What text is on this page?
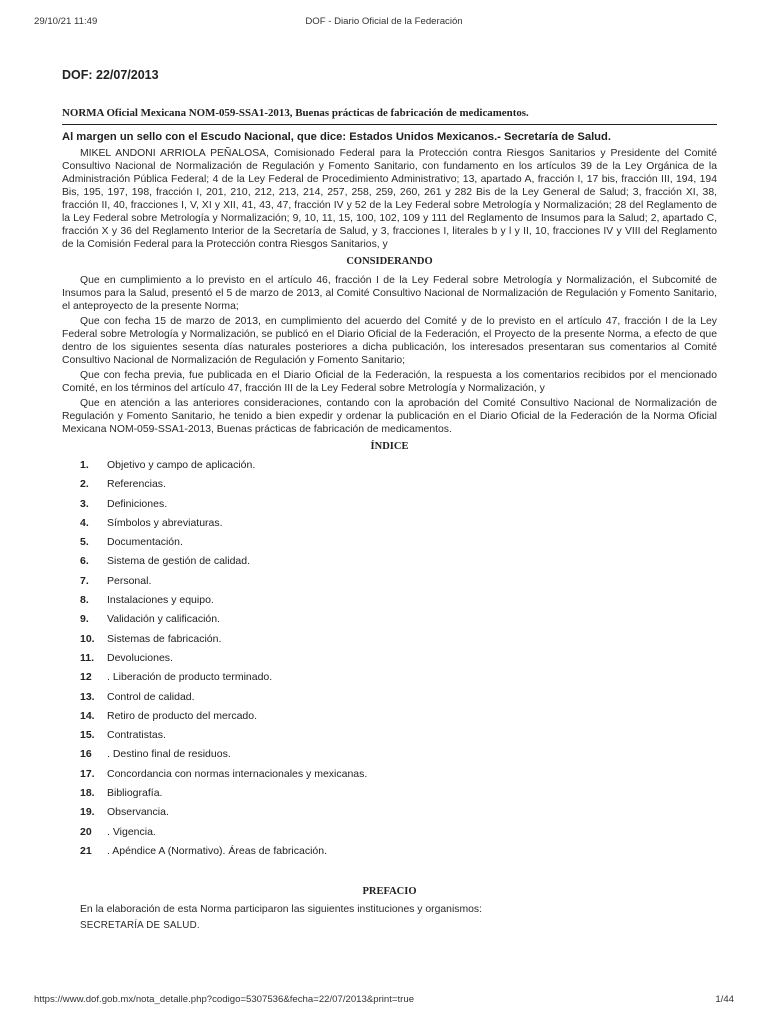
29/10/21 11:49	DOF - Diario Oficial de la Federación
DOF: 22/07/2013
NORMA Oficial Mexicana NOM-059-SSA1-2013, Buenas prácticas de fabricación de medicamentos.
Al margen un sello con el Escudo Nacional, que dice: Estados Unidos Mexicanos.- Secretaría de Salud.

MIKEL ANDONI ARRIOLA PEÑALOSA, Comisionado Federal para la Protección contra Riesgos Sanitarios y Presidente del Comité Consultivo Nacional de Normalización de Regulación y Fomento Sanitario, con fundamento en los artículos 39 de la Ley Orgánica de la Administración Pública Federal; 4 de la Ley Federal de Procedimiento Administrativo; 13, apartado A, fracción I, 17 bis, fracción III, 194, 194 Bis, 195, 197, 198, fracción I, 201, 210, 212, 213, 214, 257, 258, 259, 260, 261 y 282 Bis de la Ley General de Salud; 3, fracción XI, 38, fracción II, 40, fracciones I, V, XI y XII, 41, 43, 47, fracción IV y 52 de la Ley Federal sobre Metrología y Normalización; 28 del Reglamento de la Ley Federal sobre Metrología y Normalización; 9, 10, 11, 15, 100, 102, 109 y 111 del Reglamento de Insumos para la Salud; 2, apartado C, fracción X y 36 del Reglamento Interior de la Secretaría de Salud, y 3, fracciones I, literales b y l y II, 10, fracciones IV y VIII del Reglamento de la Comisión Federal para la Protección contra Riesgos Sanitarios, y

CONSIDERANDO

Que en cumplimiento a lo previsto en el artículo 46, fracción I de la Ley Federal sobre Metrología y Normalización, el Subcomité de Insumos para la Salud, presentó el 5 de marzo de 2013, al Comité Consultivo Nacional de Normalización de Regulación y Fomento Sanitario, el anteproyecto de la presente Norma;

Que con fecha 15 de marzo de 2013, en cumplimiento del acuerdo del Comité y de lo previsto en el artículo 47, fracción I de la Ley Federal sobre Metrología y Normalización, se publicó en el Diario Oficial de la Federación, el Proyecto de la presente Norma, a efecto de que dentro de los siguientes sesenta días naturales posteriores a dicha publicación, los interesados presentaran sus comentarios al Comité Consultivo Nacional de Normalización de Regulación y Fomento Sanitario;

Que con fecha previa, fue publicada en el Diario Oficial de la Federación, la respuesta a los comentarios recibidos por el mencionado Comité, en los términos del artículo 47, fracción III de la Ley Federal sobre Metrología y Normalización, y

Que en atención a las anteriores consideraciones, contando con la aprobación del Comité Consultivo Nacional de Normalización de Regulación y Fomento Sanitario, he tenido a bien expedir y ordenar la publicación en el Diario Oficial de la Federación de la Norma Oficial Mexicana NOM-059-SSA1-2013, Buenas prácticas de fabricación de medicamentos.

ÍNDICE
1. Objetivo y campo de aplicación.
2. Referencias.
3. Definiciones.
4. Símbolos y abreviaturas.
5. Documentación.
6. Sistema de gestión de calidad.
7. Personal.
8. Instalaciones y equipo.
9. Validación y calificación.
10. Sistemas de fabricación.
11. Devoluciones.
12 . Liberación de producto terminado.
13. Control de calidad.
14. Retiro de producto del mercado.
15. Contratistas.
16 . Destino final de residuos.
17. Concordancia con normas internacionales y mexicanas.
18. Bibliografía.
19. Observancia.
20 . Vigencia.
21 . Apéndice A (Normativo). Áreas de fabricación.
PREFACIO

En la elaboración de esta Norma participaron las siguientes instituciones y organismos:

SECRETARÍA DE SALUD.
https://www.dof.gob.mx/nota_detalle.php?codigo=5307536&fecha=22/07/2013&print=true	1/44
